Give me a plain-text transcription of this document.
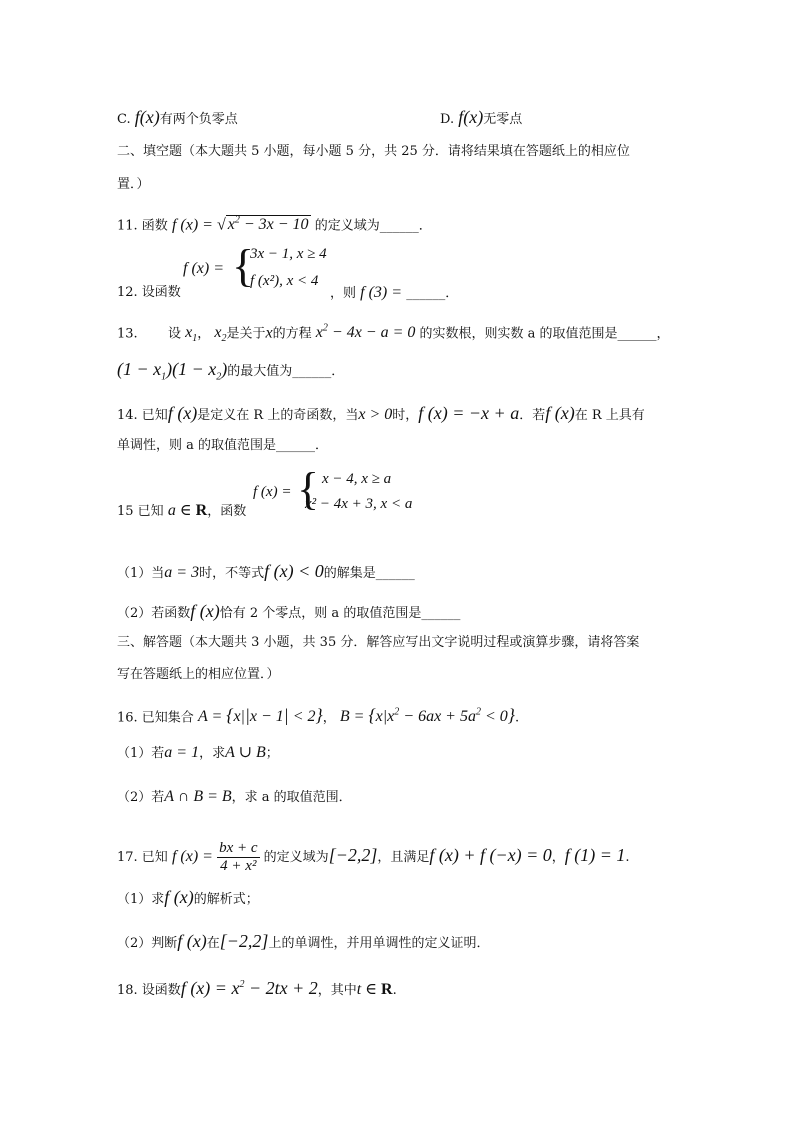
C. f(x)有两个负零点	D. f(x)无零点
二、填空题（本大题共 5 小题，每小题 5 分，共 25 分．请将结果填在答题纸上的相应位
置．）
11. 函数 f (x) = √ $x^2 - 3x - 10$ 的定义域为______．
12. 设函数
f (x) = {
3x − 1, x ≥ 4
f (x²), x < 4
，则 f (3) = ______．
13. 设 $x_1$， $x_2$是关于x的方程 $x^2 - 4x - a = 0$ 的实数根，则实数 a 的取值范围是______，
$(1 - x_1)(1 - x_2)$的最大值为______．
14. 已知f (x)是定义在 R 上的奇函数，当x > 0时，f (x) = −x + a．若f (x)在 R 上具有
单调性，则 a 的取值范围是______．
15 已知 a ∈ R，函数
f (x) = { x − 4, x ≥ a
x² − 4x + 3, x < a
（1）当a = 3时，不等式f (x) < 0的解集是______
（2）若函数f (x)恰有 2 个零点，则 a 的取值范围是______
三、解答题（本大题共 3 小题，共 35 分．解答应写出文字说明过程或演算步骤，请将答案
写在答题纸上的相应位置．）
16. 已知集合 A = {x||x − 1| < 2}， $B = \{x|x^2 - 6ax + 5a^2 < 0\}$.
（1）若a = 1，求A ∪ B；
（2）若A ∩ B = B，求 a 的取值范围．
17. 已知 f $(x) = \frac{bx + c}{\text{4 + x²}}$ 的定义域为[−2,2]，且满足f (x) + f (−x) = 0，f (1) = 1.
（1）求f (x)的解析式；
（2）判断f (x)在[−2,2]上的单调性，并用单调性的定义证明．
18. 设函数f $(x) = x^2 - 2tx + 2$，其中t ∈ R.
